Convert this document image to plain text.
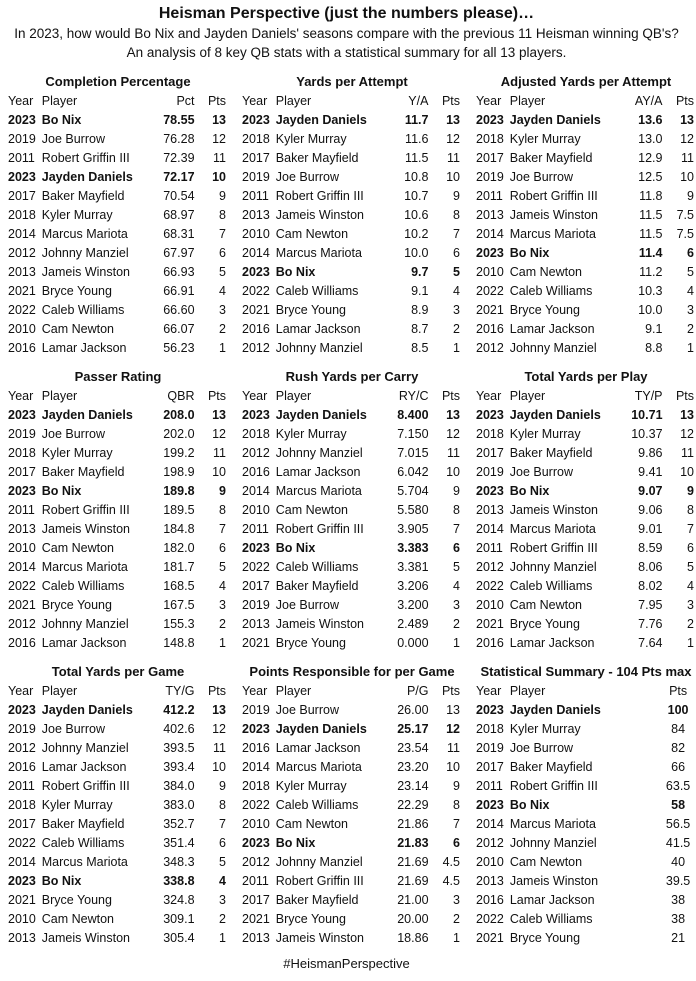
Heisman Perspective (just the numbers please)…
In 2023, how would Bo Nix and Jayden Daniels' seasons compare with the previous 11 Heisman winning QB's?
An analysis of 8 key QB stats with a statistical summary for all 13 players.
Completion Percentage
Year	Player	Pct	Pts
2023	Bo Nix	78.55	13
2019	Joe Burrow	76.28	12
2011	Robert Griffin III	72.39	11
2023	Jayden Daniels	72.17	10
2017	Baker Mayfield	70.54	9
2018	Kyler Murray	68.97	8
2014	Marcus Mariota	68.31	7
2012	Johnny Manziel	67.97	6
2013	Jameis Winston	66.93	5
2021	Bryce Young	66.91	4
2022	Caleb Williams	66.60	3
2010	Cam Newton	66.07	2
2016	Lamar Jackson	56.23	1
Yards per Attempt
Year	Player	Y/A	Pts
2023	Jayden Daniels	11.7	13
2018	Kyler Murray	11.6	12
2017	Baker Mayfield	11.5	11
2019	Joe Burrow	10.8	10
2011	Robert Griffin III	10.7	9
2013	Jameis Winston	10.6	8
2010	Cam Newton	10.2	7
2014	Marcus Mariota	10.0	6
2023	Bo Nix	9.7	5
2022	Caleb Williams	9.1	4
2021	Bryce Young	8.9	3
2016	Lamar Jackson	8.7	2
2012	Johnny Manziel	8.5	1
Adjusted Yards per Attempt
Year	Player	AY/A	Pts
2023	Jayden Daniels	13.6	13
2018	Kyler Murray	13.0	12
2017	Baker Mayfield	12.9	11
2019	Joe Burrow	12.5	10
2011	Robert Griffin III	11.8	9
2013	Jameis Winston	11.5	7.5
2014	Marcus Mariota	11.5	7.5
2023	Bo Nix	11.4	6
2010	Cam Newton	11.2	5
2022	Caleb Williams	10.3	4
2021	Bryce Young	10.0	3
2016	Lamar Jackson	9.1	2
2012	Johnny Manziel	8.8	1
Passer Rating
Year	Player	QBR	Pts
2023	Jayden Daniels	208.0	13
2019	Joe Burrow	202.0	12
2018	Kyler Murray	199.2	11
2017	Baker Mayfield	198.9	10
2023	Bo Nix	189.8	9
2011	Robert Griffin III	189.5	8
2013	Jameis Winston	184.8	7
2010	Cam Newton	182.0	6
2014	Marcus Mariota	181.7	5
2022	Caleb Williams	168.5	4
2021	Bryce Young	167.5	3
2012	Johnny Manziel	155.3	2
2016	Lamar Jackson	148.8	1
Rush Yards per Carry
Year	Player	RY/C	Pts
2023	Jayden Daniels	8.400	13
2018	Kyler Murray	7.150	12
2012	Johnny Manziel	7.015	11
2016	Lamar Jackson	6.042	10
2014	Marcus Mariota	5.704	9
2010	Cam Newton	5.580	8
2011	Robert Griffin III	3.905	7
2023	Bo Nix	3.383	6
2022	Caleb Williams	3.381	5
2017	Baker Mayfield	3.206	4
2019	Joe Burrow	3.200	3
2013	Jameis Winston	2.489	2
2021	Bryce Young	0.000	1
Total Yards per Play
Year	Player	TY/P	Pts
2023	Jayden Daniels	10.71	13
2018	Kyler Murray	10.37	12
2017	Baker Mayfield	9.86	11
2019	Joe Burrow	9.41	10
2023	Bo Nix	9.07	9
2013	Jameis Winston	9.06	8
2014	Marcus Mariota	9.01	7
2011	Robert Griffin III	8.59	6
2012	Johnny Manziel	8.06	5
2022	Caleb Williams	8.02	4
2010	Cam Newton	7.95	3
2021	Bryce Young	7.76	2
2016	Lamar Jackson	7.64	1
Total Yards per Game
Year	Player	TY/G	Pts
2023	Jayden Daniels	412.2	13
2019	Joe Burrow	402.6	12
2012	Johnny Manziel	393.5	11
2016	Lamar Jackson	393.4	10
2011	Robert Griffin III	384.0	9
2018	Kyler Murray	383.0	8
2017	Baker Mayfield	352.7	7
2022	Caleb Williams	351.4	6
2014	Marcus Mariota	348.3	5
2023	Bo Nix	338.8	4
2021	Bryce Young	324.8	3
2010	Cam Newton	309.1	2
2013	Jameis Winston	305.4	1
Points Responsible for per Game
Year	Player	P/G	Pts
2019	Joe Burrow	26.00	13
2023	Jayden Daniels	25.17	12
2016	Lamar Jackson	23.54	11
2014	Marcus Mariota	23.20	10
2018	Kyler Murray	23.14	9
2022	Caleb Williams	22.29	8
2010	Cam Newton	21.86	7
2023	Bo Nix	21.83	6
2012	Johnny Manziel	21.69	4.5
2011	Robert Griffin III	21.69	4.5
2017	Baker Mayfield	21.00	3
2021	Bryce Young	20.00	2
2013	Jameis Winston	18.86	1
Statistical Summary - 104 Pts max
Year	Player		Pts
2023	Jayden Daniels		100
2018	Kyler Murray		84
2019	Joe Burrow		82
2017	Baker Mayfield		66
2011	Robert Griffin III		63.5
2023	Bo Nix		58
2014	Marcus Mariota		56.5
2012	Johnny Manziel		41.5
2010	Cam Newton		40
2013	Jameis Winston		39.5
2016	Lamar Jackson		38
2022	Caleb Williams		38
2021	Bryce Young		21
#HeismanPerspective
